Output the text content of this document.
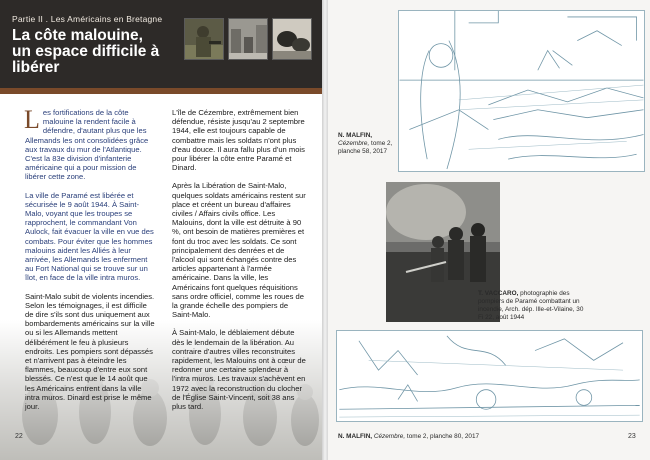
Partie II . Les Américains en Bretagne
La côte malouine,
un espace difficile à libérer

L es fortifications de la côte malouine la rendent facile à défendre, d'autant plus que les Allemands les ont consolidées grâce aux travaux du mur de l'Atlantique. C'est la 83e division d'infanterie américaine qui a pour mission de libérer cette zone.

La ville de Paramé est libérée et sécurisée le 9 août 1944. À Saint-Malo, voyant que les troupes se rapprochent, le commandant Von Aulock, fait évacuer la ville en vue des combats. Pour éviter que les hommes malouins aident les Alliés à leur arrivée, les Allemands les enferment au Fort National qui se trouve sur un îlot, en face de la ville intra muros.

Saint-Malo subit de violents incendies. Selon les témoignages, il est difficile de dire s'ils sont dus uniquement aux bombardements américains sur la ville ou si les Allemands mettent délibérément le feu à plusieurs endroits. Les pompiers sont dépassés et n'arrivent pas à éteindre les flammes, beaucoup d'entre eux sont blessés. Ce n'est que le 14 août que les Américains entrent dans la ville intra muros. Dinard est prise le même jour.

L'île de Cézembre, extrêmement bien défendue, résiste jusqu'au 2 septembre 1944, elle est toujours capable de combattre mais les soldats n'ont plus d'eau douce. Il aura fallu plus d'un mois pour libérer la côte entre Paramé et Dinard.

Après la Libération de Saint-Malo, quelques soldats américains restent sur place et créent un bureau d'affaires civiles / Affairs civils office. Les Malouins, dont la ville est détruite à 90 %, ont besoin de matières premières et font du troc avec les soldats. Ce sont principalement des denrées et de l'alcool qui sont échangés contre des articles appartenant à l'armée américaine. Dans la ville, les Américains font quelques réquisitions sans ordre officiel, comme les roues de la grande échelle des pompiers de Saint-Malo.

À Saint-Malo, le déblaiement débute dès le lendemain de la libération. Au contraire d'autres villes reconstruites rapidement, les Malouins ont à cœur de redonner une certaine splendeur à l'intra muros. Les travaux s'achèvent en 1972 avec la reconstruction du clocher de l'Église Saint-Vincent, soit 38 ans plus tard.

22
N. MALFIN, Cézembre, tome 2, planche 58, 2017
T. VACCARO, photographie des pompiers de Paramé combattant un incendie, Arch. dép. Ille-et-Vilaine, 30 Fi 22, août 1944
N. MALFIN, Cézembre, tome 2, planche 80, 2017	23
